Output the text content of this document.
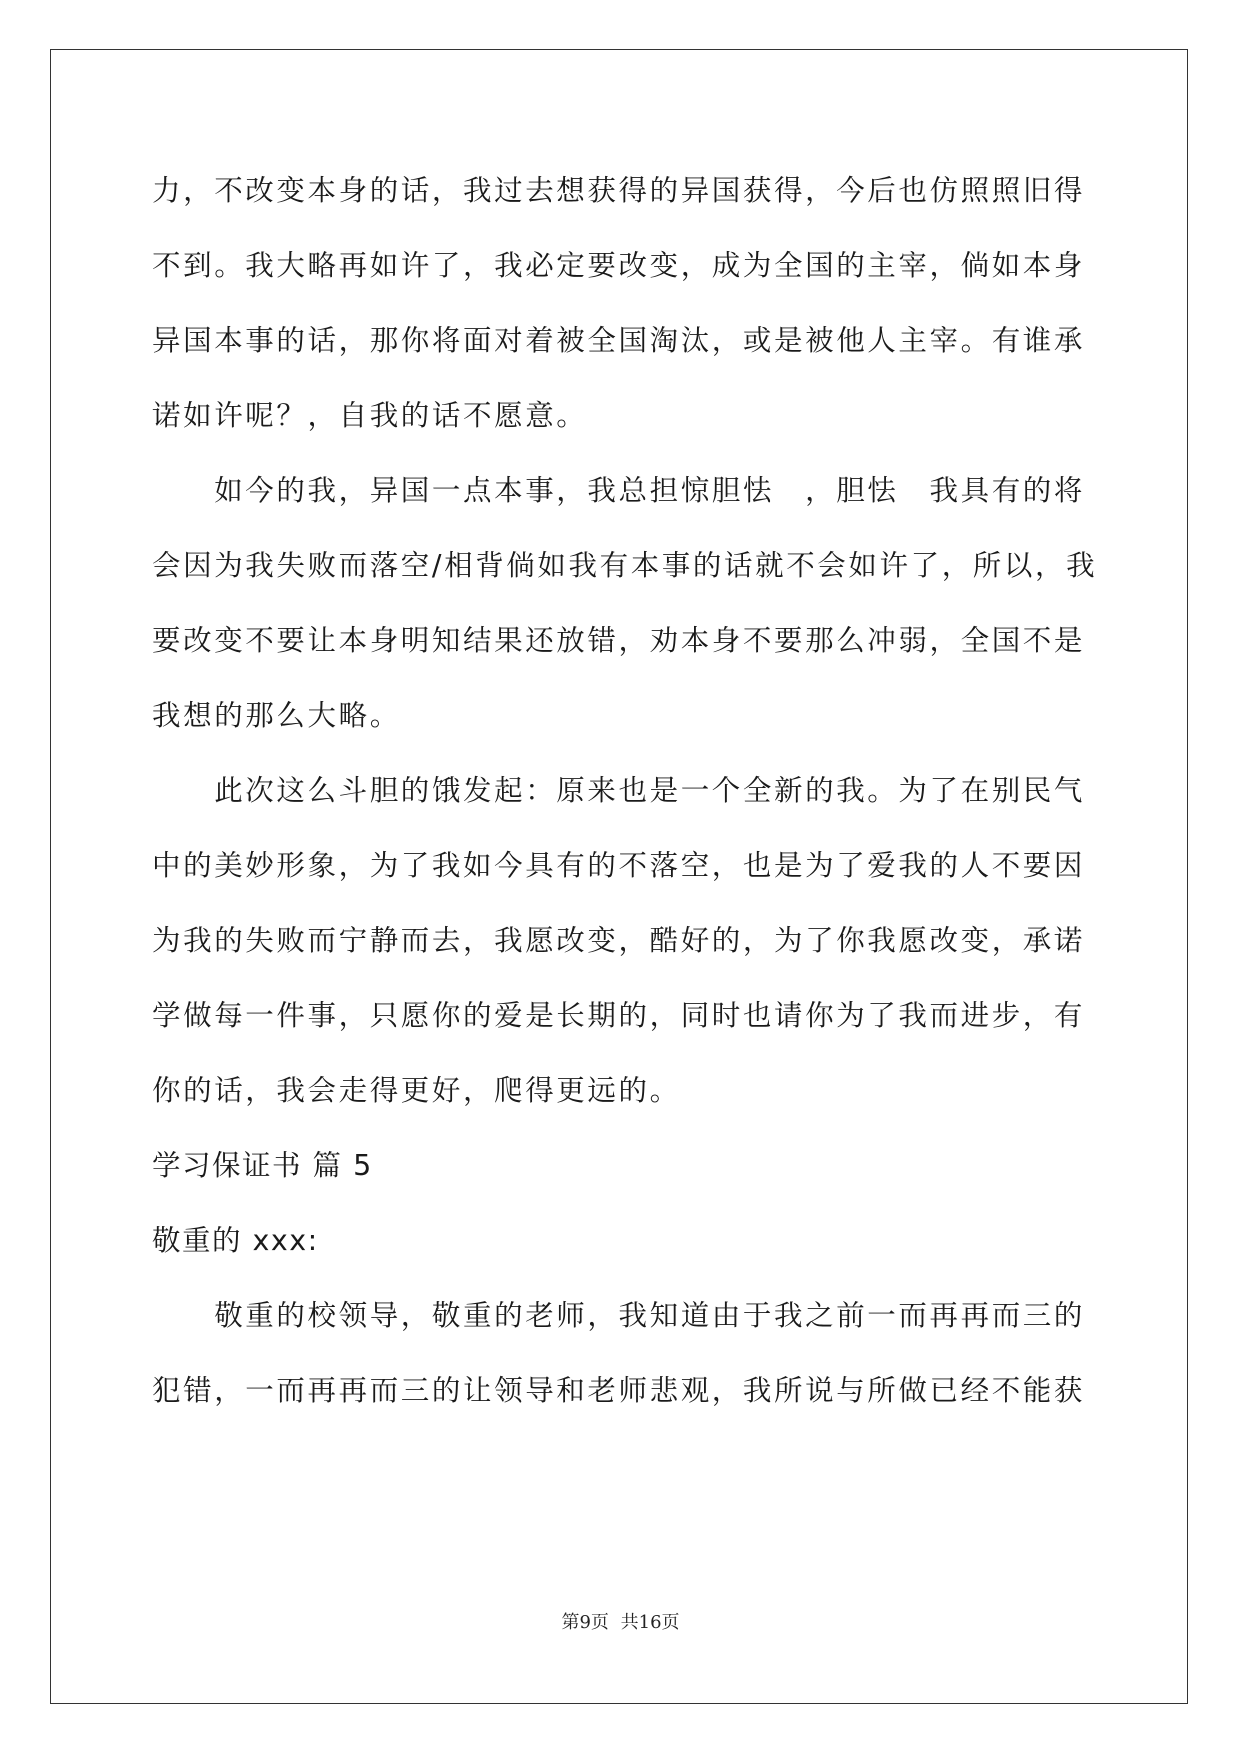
力，不改变本身的话，我过去想获得的异国获得，今后也仿照照旧得
不到。我大略再如许了，我必定要改变，成为全国的主宰，倘如本身
异国本事的话，那你将面对着被全国淘汰，或是被他人主宰。有谁承
诺如许呢？，自我的话不愿意。
　　如今的我，异国一点本事，我总担惊胆怯　，胆怯　我具有的将
会因为我失败而落空/相背倘如我有本事的话就不会如许了，所以，我
要改变不要让本身明知结果还放错，劝本身不要那么冲弱，全国不是
我想的那么大略。
　　此次这么斗胆的饿发起：原来也是一个全新的我。为了在别民气
中的美妙形象，为了我如今具有的不落空，也是为了爱我的人不要因
为我的失败而宁静而去，我愿改变，酷好的，为了你我愿改变，承诺
学做每一件事，只愿你的爱是长期的，同时也请你为了我而进步，有
你的话，我会走得更好，爬得更远的。
学习保证书 篇 5
敬重的 xxx:
　　敬重的校领导，敬重的老师，我知道由于我之前一而再再而三的
犯错，一而再再而三的让领导和老师悲观，我所说与所做已经不能获
第9页 共16页
